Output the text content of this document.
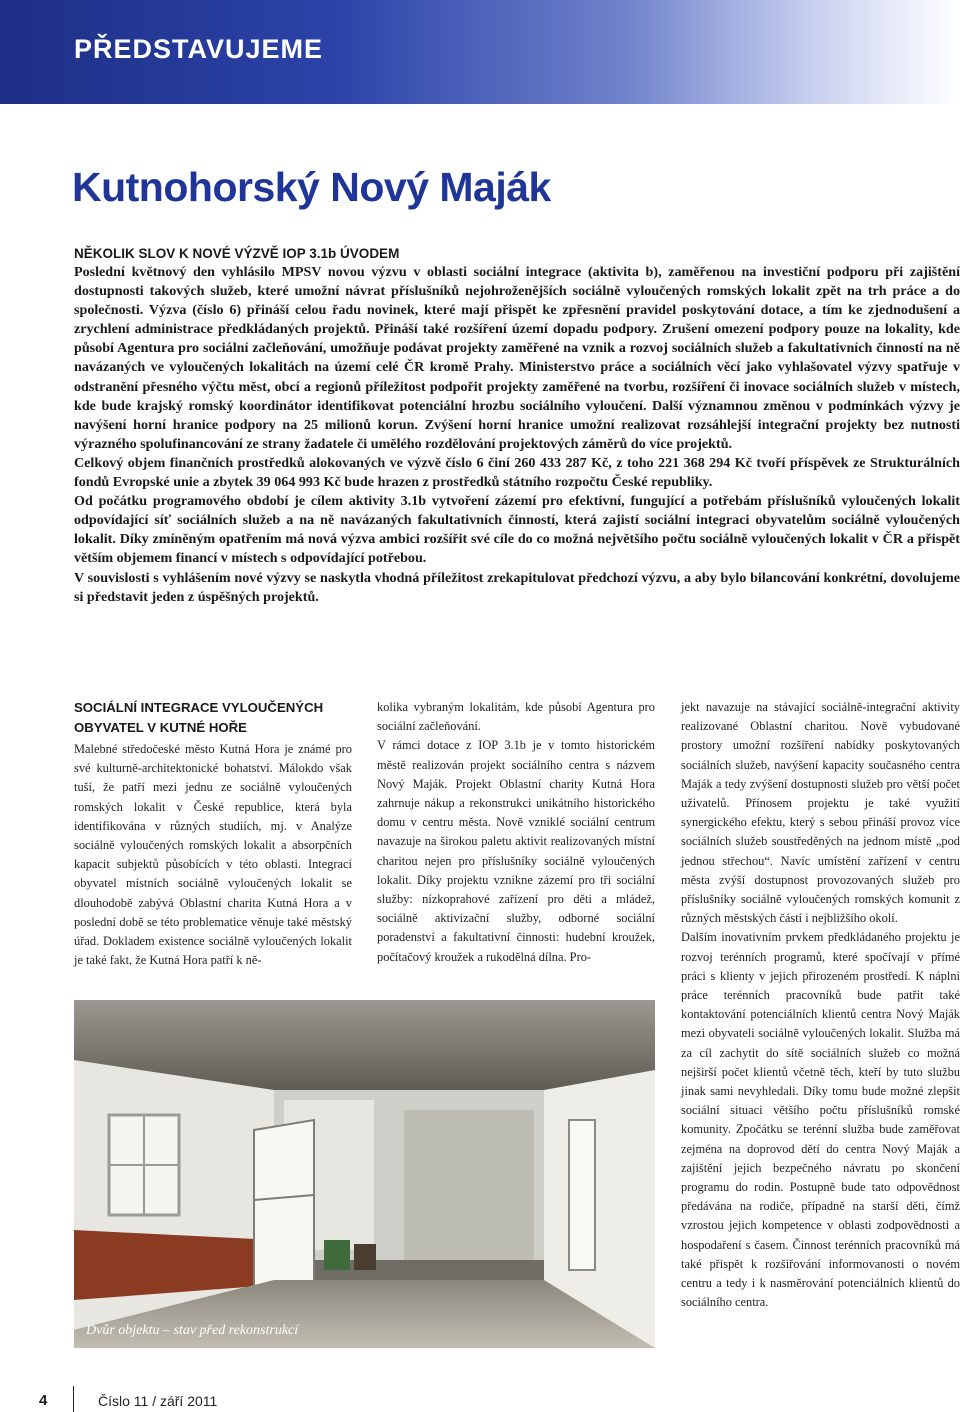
PŘEDSTAVUJEME
Kutnohorský Nový Maják
NĚKOLIK SLOV K NOVÉ VÝZVĚ IOP 3.1b ÚVODEM

Poslední květnový den vyhlásilo MPSV novou výzvu v oblasti sociální integrace (aktivita b), zaměřenou na investiční podporu při zajištění dostupnosti takových služeb, které umožní návrat příslušníků nejohroženějších sociálně vyloučených romských lokalit zpět na trh práce a do společnosti. Výzva (číslo 6) přináší celou řadu novinek, které mají přispět ke zpřesnění pravidel poskytování dotace, a tím ke zjednodušení a zrychlení administrace předkládaných projektů. Přináší také rozšíření území dopadu podpory. Zrušení omezení podpory pouze na lokality, kde působí Agentura pro sociální začleňování, umožňuje podávat projekty zaměřené na vznik a rozvoj sociálních služeb a fakultativních činností na ně navázaných ve vyloučených lokalitách na území celé ČR kromě Prahy. Ministerstvo práce a sociálních věcí jako vyhlašovatel výzvy spatřuje v odstranění přesného výčtu měst, obcí a regionů příležitost podpořit projekty zaměřené na tvorbu, rozšíření či inovace sociálních služeb v místech, kde bude krajský romský koordinátor identifikovat potenciální hrozbu sociálního vyloučení. Další významnou změnou v podmínkách výzvy je navýšení horní hranice podpory na 25 milionů korun. Zvýšení horní hranice umožní realizovat rozsáhlejší integrační projekty bez nutnosti výrazného spolufinancování ze strany žadatele či umělého rozdělování projektových záměrů do více projektů.

Celkový objem finančních prostředků alokovaných ve výzvě číslo 6 činí 260 433 287 Kč, z toho 221 368 294 Kč tvoří příspěvek ze Strukturálních fondů Evropské unie a zbytek 39 064 993 Kč bude hrazen z prostředků státního rozpočtu České republiky.

Od počátku programového období je cílem aktivity 3.1b vytvoření zázemí pro efektivní, fungující a potřebám příslušníků vyloučených lokalit odpovídající síť sociálních služeb a na ně navázaných fakultativních činností, která zajistí sociální integraci obyvatelům sociálně vyloučených lokalit. Díky zmíněným opatřením má nová výzva ambici rozšířit své cíle do co možná největšího počtu sociálně vyloučených lokalit v ČR a přispět větším objemem financí v místech s odpovídající potřebou.

V souvislosti s vyhlášením nové výzvy se naskytla vhodná příležitost zrekapitulovat předchozí výzvu, a aby bylo bilancování konkrétní, dovolujeme si představit jeden z úspěšných projektů.

SOCIÁLNÍ INTEGRACE VYLOUČENÝCH
OBYVATEL V KUTNÉ HOŘE

Malebné středočeské město Kutná Hora je známé pro své kulturně-architektonické bohatství. Málokdo však tuší, že patří mezi jednu ze sociálně vyloučených romských lokalit v České republice, která byla identifikována v různých studiích, mj. v Analýze sociálně vyloučených romských lokalit a absorpčních kapacit subjektů působících v této oblasti. Integrací obyvatel místních sociálně vyloučených lokalit se dlouhodobě zabývá Oblastní charita Kutná Hora a v poslední době se této problematice věnuje také městský úřad. Dokladem existence sociálně vyloučených lokalit je také fakt, že Kutná Hora patří k ně-

kolika vybraným lokalitám, kde působí Agentura pro sociální začleňování.

V rámci dotace z IOP 3.1b je v tomto historickém městě realizován projekt sociálního centra s názvem Nový Maják. Projekt Oblastní charity Kutná Hora zahrnuje nákup a rekonstrukci unikátního historického domu v centru města. Nově vzniklé sociální centrum navazuje na širokou paletu aktivit realizovaných místní charitou nejen pro příslušníky sociálně vyloučených lokalit. Díky projektu vznikne zázemí pro tři sociální služby: nízkoprahové zařízení pro děti a mládež, sociálně aktivizační služby, odborné sociální poradenství a fakultativní činnosti: hudební kroužek, počítačový kroužek a rukodělná dílna. Pro-

jekt navazuje na stávající sociálně-integrační aktivity realizované Oblastní charitou. Nově vybudované prostory umožní rozšíření nabídky poskytovaných sociálních služeb, navýšení kapacity současného centra Maják a tedy zvýšení dostupnosti služeb pro větší počet uživatelů. Přínosem projektu je také využití synergického efektu, který s sebou přináší provoz více sociálních služeb soustředěných na jednom místě „pod jednou střechou“. Navíc umístění zařízení v centru města zvýší dostupnost provozovaných služeb pro příslušníky sociálně vyloučených romských komunit z různých městských částí i nejbližšího okolí.

Dalším inovativním prvkem předkládaného projektu je rozvoj terénních programů, které spočívají v přímé práci s klienty v jejich přirozeném prostředí. K náplni práce terénních pracovníků bude patřit také kontaktování potenciálních klientů centra Nový Maják mezi obyvateli sociálně vyloučených lokalit. Služba má za cíl zachytit do sítě sociálních služeb co možná nejširší počet klientů včetně těch, kteří by tuto službu jinak sami nevyhledali. Díky tomu bude možné zlepšit sociální situaci většího počtu příslušníků romské komunity. Zpočátku se terénní služba bude zaměřovat zejména na doprovod dětí do centra Nový Maják a zajištění jejich bezpečného návratu po skončení programu do rodin. Postupně bude tato odpovědnost předávána na rodiče, případně na starší děti, čímž vzrostou jejich kompetence v oblasti zodpovědnosti a hospodaření s časem. Činnost terénních pracovníků má také přispět k rozšiřování informovanosti o novém centru a tedy i k nasměrování potenciálních klientů do sociálního centra.

Dvůr objektu – stav před rekonstrukcí
4	Číslo 11 / září 2011
